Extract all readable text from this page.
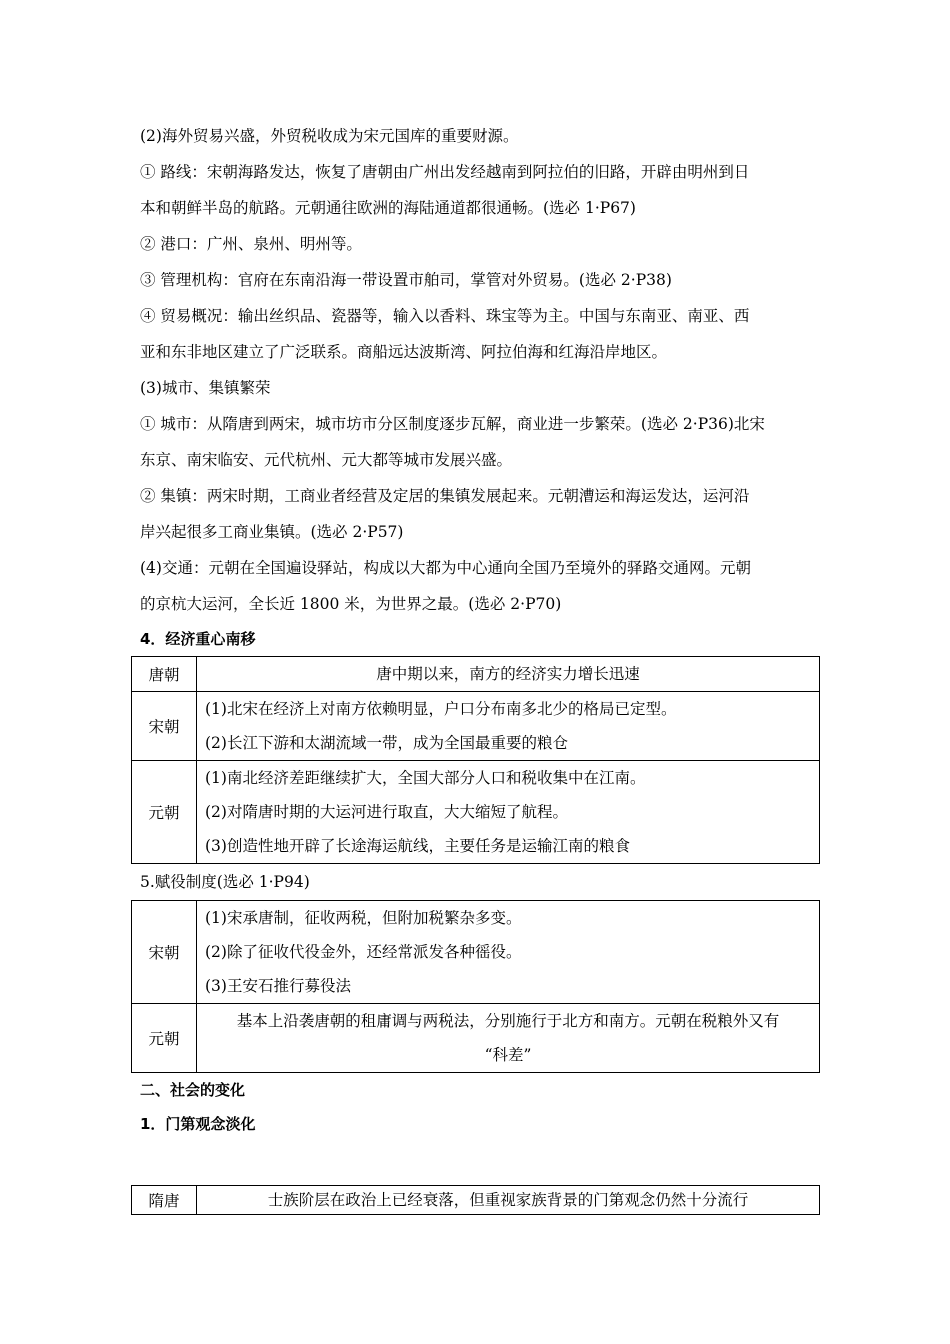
(2)海外贸易兴盛，外贸税收成为宋元国库的重要财源。

① 路线：宋朝海路发达，恢复了唐朝由广州出发经越南到阿拉伯的旧路，开辟由明州到日

本和朝鲜半岛的航路。元朝通往欧洲的海陆通道都很通畅。(选必 1·P67)

② 港口：广州、泉州、明州等。

③ 管理机构：官府在东南沿海一带设置市舶司，掌管对外贸易。(选必 2·P38)

④ 贸易概况：输出丝织品、瓷器等，输入以香料、珠宝等为主。中国与东南亚、南亚、西

亚和东非地区建立了广泛联系。商船远达波斯湾、阿拉伯海和红海沿岸地区。

(3)城市、集镇繁荣

① 城市：从隋唐到两宋，城市坊市分区制度逐步瓦解，商业进一步繁荣。(选必 2·P36)北宋

东京、南宋临安、元代杭州、元大都等城市发展兴盛。

② 集镇：两宋时期，工商业者经营及定居的集镇发展起来。元朝漕运和海运发达，运河沿

岸兴起很多工商业集镇。(选必 2·P57)

(4)交通：元朝在全国遍设驿站，构成以大都为中心通向全国乃至境外的驿路交通网。元朝

的京杭大运河，全长近 1800 米，为世界之最。(选必 2·P70)

4．经济重心南移

唐朝	唐中期以来，南方的经济实力增长迅速

宋朝	(1)北宋在经济上对南方依赖明显，户口分布南多北少的格局已定型。
(2)长江下游和太湖流域一带，成为全国最重要的粮仓

元朝	(1)南北经济差距继续扩大，全国大部分人口和税收集中在江南。
(2)对隋唐时期的大运河进行取直，大大缩短了航程。
(3)创造性地开辟了长途海运航线，主要任务是运输江南的粮食

5.赋役制度(选必 1·P94)

宋朝	(1)宋承唐制，征收两税，但附加税繁杂多变。
(2)除了征收代役金外，还经常派发各种徭役。
(3)王安石推行募役法

元朝	基本上沿袭唐朝的租庸调与两税法，分别施行于北方和南方。元朝在税粮外又有
“科差”

二、社会的变化

1．门第观念淡化

隋唐	士族阶层在政治上已经衰落，但重视家族背景的门第观念仍然十分流行
